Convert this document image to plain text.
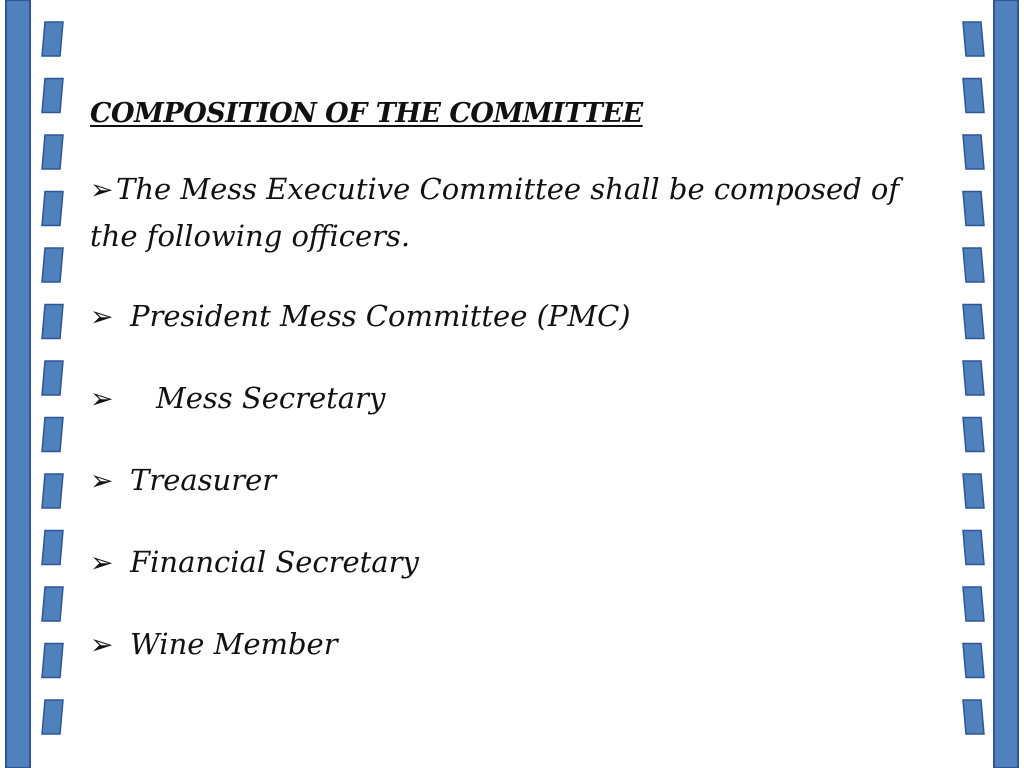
COMPOSITION OF THE COMMITTEE
➢The Mess Executive Committee shall be composed of the following officers.
➢ President Mess Committee (PMC)
➢ Mess Secretary
➢ Treasurer
➢ Financial Secretary
➢ Wine Member
